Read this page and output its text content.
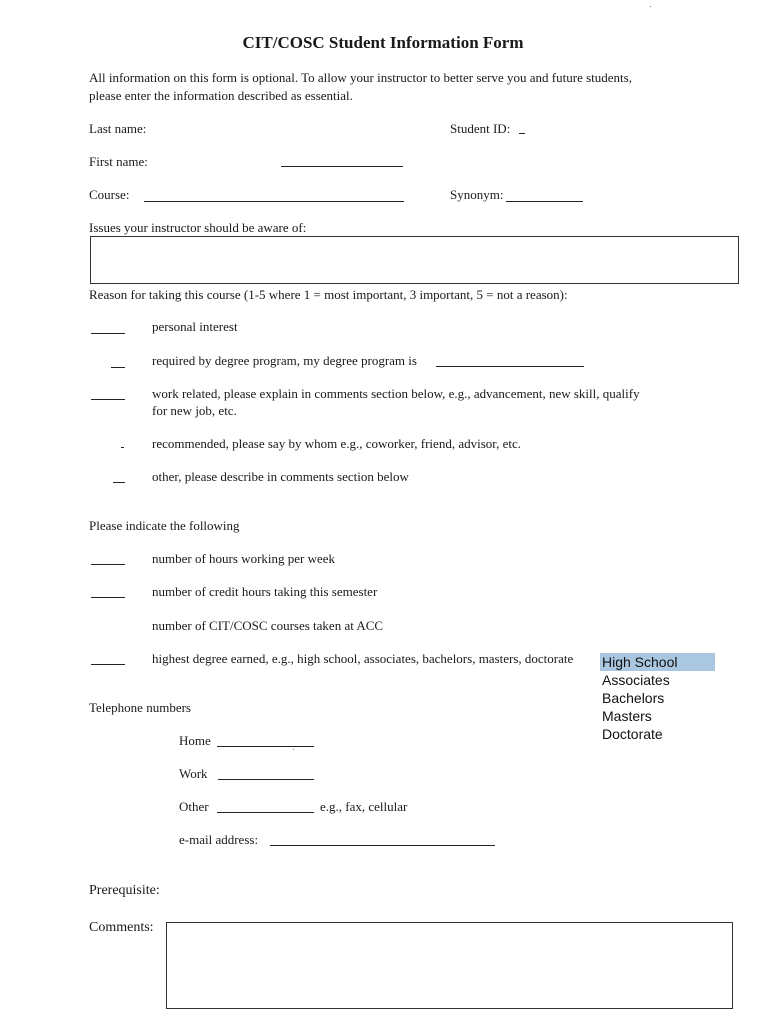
CIT/COSC Student Information Form
All information on this form is optional. To allow your instructor to better serve you and future students,
please enter the information described as essential.
Last name:	Student ID:
First name:
Course:	Synonym:
Issues your instructor should be aware of:
Reason for taking this course (1-5 where 1 = most important, 3 important, 5 = not a reason):
personal interest
required by degree program, my degree program is
work related, please explain in comments section below, e.g., advancement, new skill, qualify
for new job, etc.
recommended, please say by whom e.g., coworker, friend, advisor, etc.
other, please describe in comments section below
Please indicate the following
number of hours working per week
number of credit hours taking this semester
number of CIT/COSC courses taken at ACC
highest degree earned, e.g., high school, associates, bachelors, masters, doctorate High School
Associates
Bachelors
Masters
Doctorate
Telephone numbers
Home
Work
Other	e.g., fax, cellular
e-mail address:
Prerequisite:
Comments:
